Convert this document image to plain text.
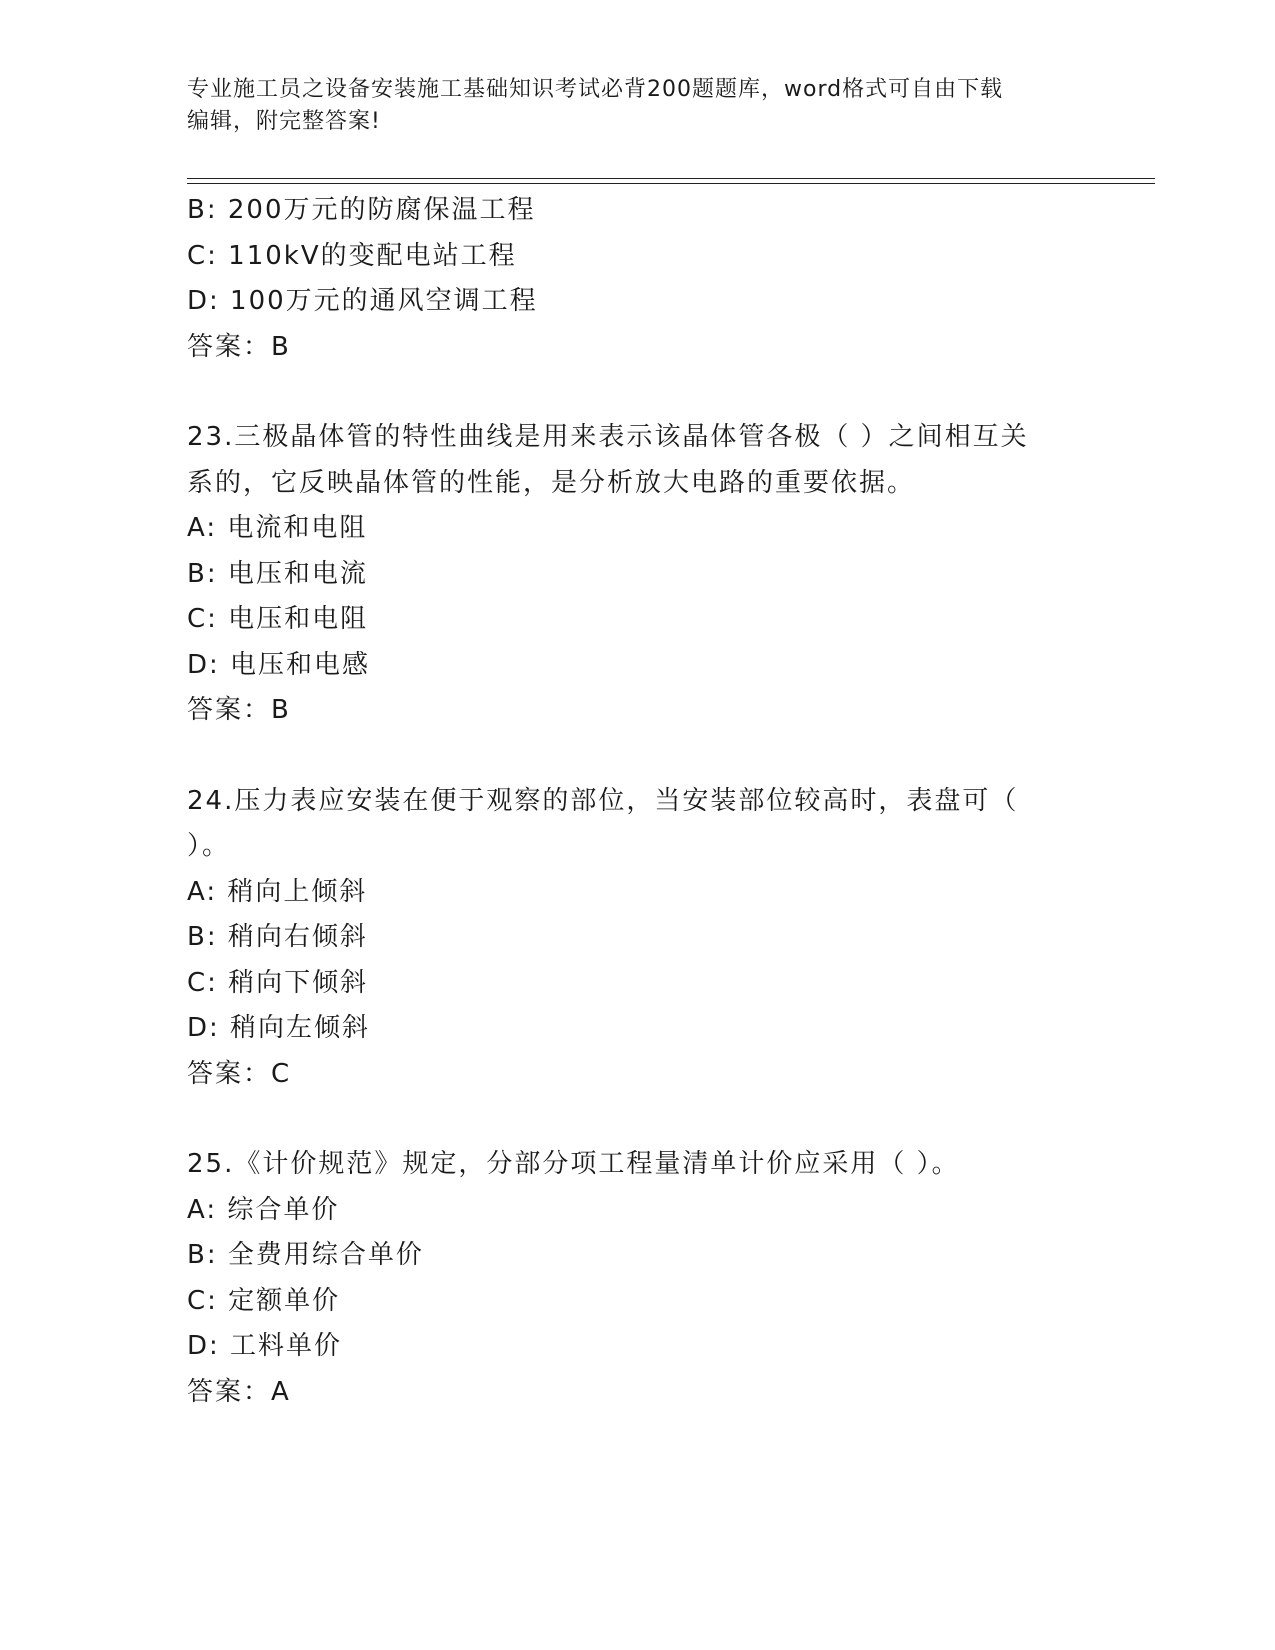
专业施工员之设备安装施工基础知识考试必背200题题库，word格式可自由下载
编辑，附完整答案!
B: 200万元的防腐保温工程
C: 110kV的变配电站工程
D: 100万元的通风空调工程
答案：B
23.三极晶体管的特性曲线是用来表示该晶体管各极（ ）之间相互关
系的，它反映晶体管的性能，是分析放大电路的重要依据。
A: 电流和电阻
B: 电压和电流
C: 电压和电阻
D: 电压和电感
答案：B
24.压力表应安装在便于观察的部位，当安装部位较高时，表盘可（
）。
A: 稍向上倾斜
B: 稍向右倾斜
C: 稍向下倾斜
D: 稍向左倾斜
答案：C
25.《计价规范》规定，分部分项工程量清单计价应采用（ ）。
A: 综合单价
B: 全费用综合单价
C: 定额单价
D: 工料单价
答案：A
